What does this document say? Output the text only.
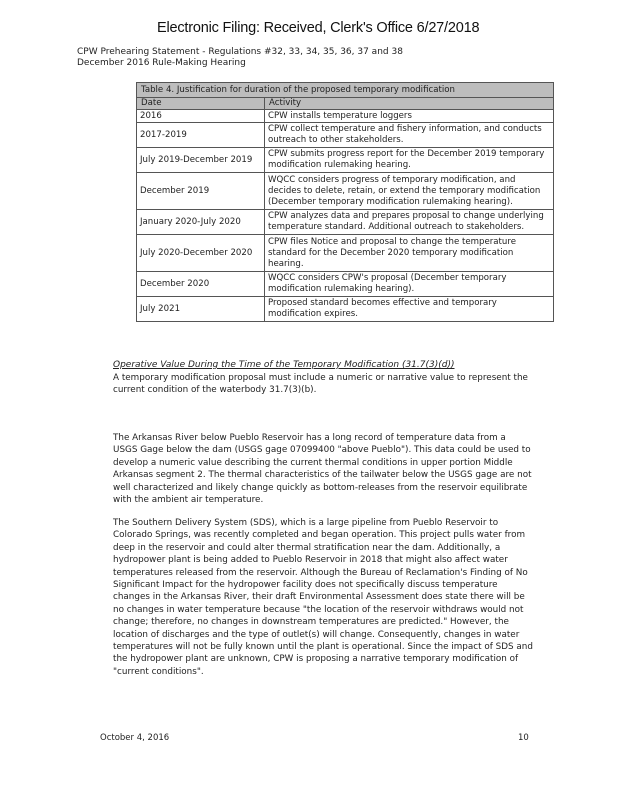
Electronic Filing: Received, Clerk's Office 6/27/2018
CPW Prehearing Statement - Regulations #32, 33, 34, 35, 36, 37 and 38
December 2016 Rule-Making Hearing
Table 4. Justification for duration of the proposed temporary modification	
Date	Activity
2016	CPW installs temperature loggers
2017-2019	CPW collect temperature and fishery information, and conducts outreach to other stakeholders.
July 2019-December 2019	CPW submits progress report for the December 2019 temporary modification rulemaking hearing.
December 2019	WQCC considers progress of temporary modification, and decides to delete, retain, or extend the temporary modification (December temporary modification rulemaking hearing).
January 2020-July 2020	CPW analyzes data and prepares proposal to change underlying temperature standard. Additional outreach to stakeholders.
July 2020-December 2020	CPW files Notice and proposal to change the temperature standard for the December 2020 temporary modification hearing.
December 2020	WQCC considers CPW's proposal (December temporary modification rulemaking hearing).
July 2021	Proposed standard becomes effective and temporary modification expires.
Operative Value During the Time of the Temporary Modification (31.7(3)(d))
A temporary modification proposal must include a numeric or narrative value to represent the current condition of the waterbody 31.7(3)(b).
The Arkansas River below Pueblo Reservoir has a long record of temperature data from a USGS Gage below the dam (USGS gage 07099400 "above Pueblo"). This data could be used to develop a numeric value describing the current thermal conditions in upper portion Middle Arkansas segment 2. The thermal characteristics of the tailwater below the USGS gage are not well characterized and likely change quickly as bottom-releases from the reservoir equilibrate with the ambient air temperature.
The Southern Delivery System (SDS), which is a large pipeline from Pueblo Reservoir to Colorado Springs, was recently completed and began operation. This project pulls water from deep in the reservoir and could alter thermal stratification near the dam. Additionally, a hydropower plant is being added to Pueblo Reservoir in 2018 that might also affect water temperatures released from the reservoir. Although the Bureau of Reclamation's Finding of No Significant Impact for the hydropower facility does not specifically discuss temperature changes in the Arkansas River, their draft Environmental Assessment does state there will be no changes in water temperature because "the location of the reservoir withdraws would not change; therefore, no changes in downstream temperatures are predicted." However, the location of discharges and the type of outlet(s) will change. Consequently, changes in water temperatures will not be fully known until the plant is operational. Since the impact of SDS and the hydropower plant are unknown, CPW is proposing a narrative temporary modification of "current conditions".
October 4, 2016	10
